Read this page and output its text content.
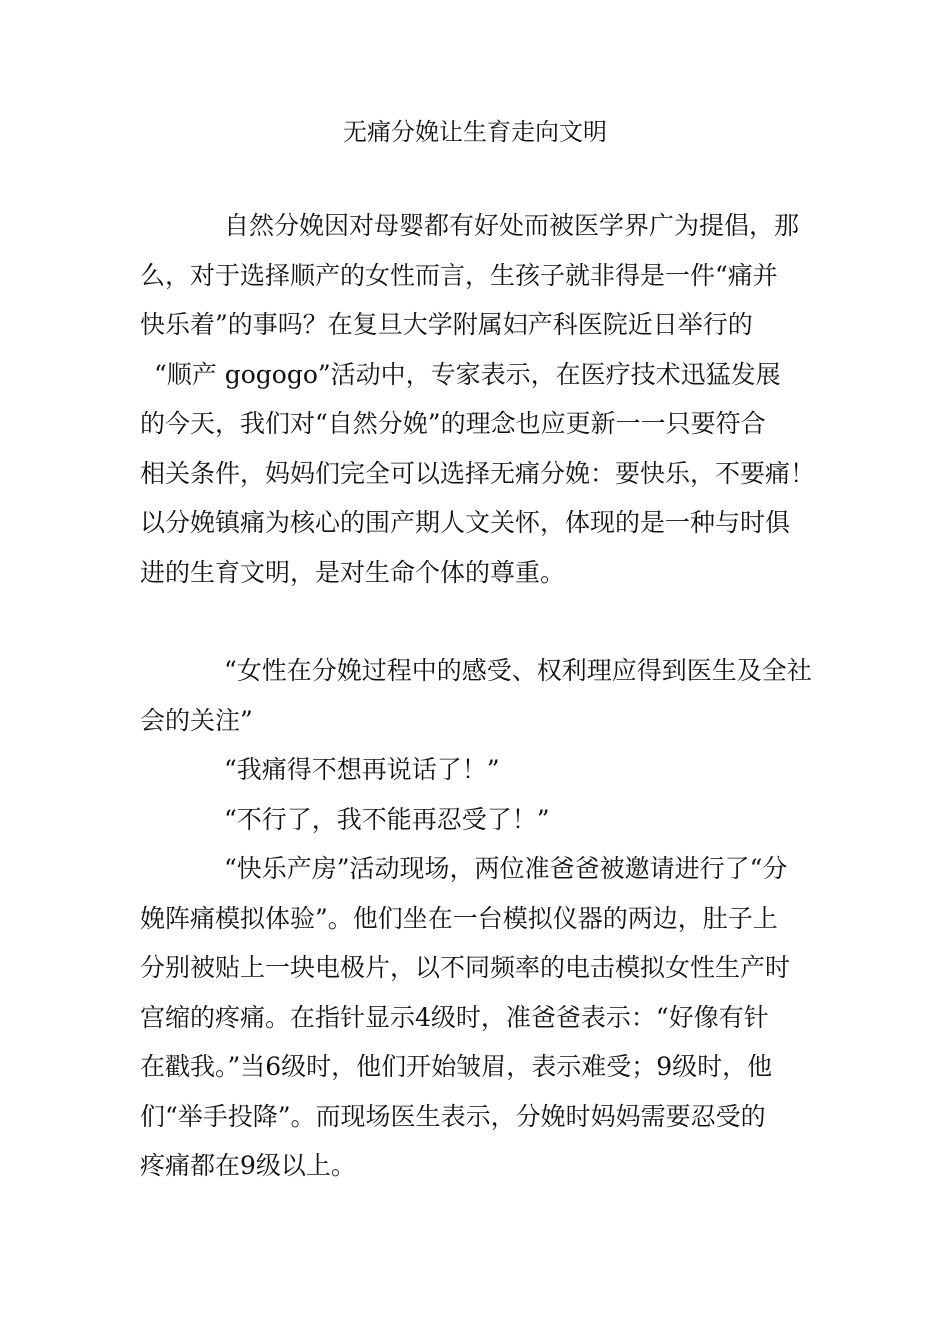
无痛分娩让生育走向文明
自然分娩因对母婴都有好处而被医学界广为提倡，那
么，对于选择顺产的女性而言，生孩子就非得是一件“痛并
快乐着”的事吗？在复旦大学附属妇产科医院近日举行的
“顺产 gogogo”活动中，专家表示，在医疗技术迅猛发展
的今天，我们对“自然分娩”的理念也应更新一一只要符合
相关条件，妈妈们完全可以选择无痛分娩：要快乐，不要痛！
以分娩镇痛为核心的围产期人文关怀，体现的是一种与时俱
进的生育文明，是对生命个体的尊重。
“女性在分娩过程中的感受、权利理应得到医生及全社
会的关注”
“我痛得不想再说话了！”
“不行了，我不能再忍受了！”
“快乐产房”活动现场，两位准爸爸被邀请进行了“分
娩阵痛模拟体验”。他们坐在一台模拟仪器的两边，肚子上
分别被贴上一块电极片，以不同频率的电击模拟女性生产时
宫缩的疼痛。在指针显示4级时，准爸爸表示：“好像有针
在戳我。”当6级时，他们开始皱眉，表示难受；9级时，他
们“举手投降”。而现场医生表示，分娩时妈妈需要忍受的
疼痛都在9级以上。
